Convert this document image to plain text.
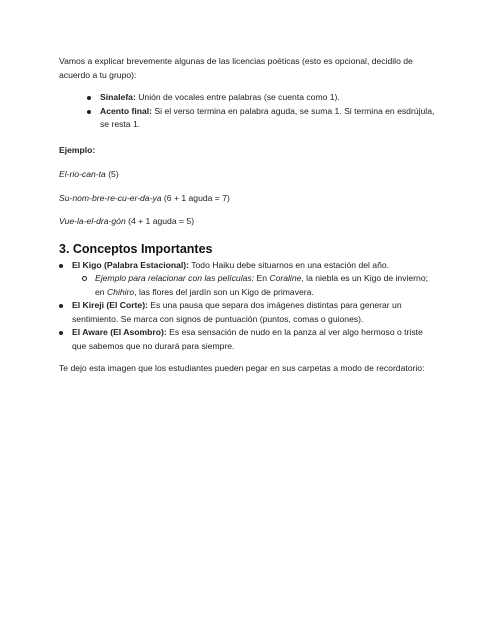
Vamos a explicar brevemente algunas de las licencias poéticas (esto es opcional, decidilo de acuerdo a tu grupo):

Sinalefa: Unión de vocales entre palabras (se cuenta como 1).
Acento final: Si el verso termina en palabra aguda, se suma 1. Si termina en esdrújula, se resta 1.

Ejemplo:

El-rio-can-ta (5)

Su-nom-bre-re-cu-er-da-ya (6 + 1 aguda = 7)

Vue-la-el-dra-gón (4 + 1 aguda = 5)

3. Conceptos Importantes
El Kigo (Palabra Estacional): Todo Haiku debe situarnos en una estación del año.
Ejemplo para relacionar con las películas: En Coraline, la niebla es un Kigo de invierno; en Chihiro, las flores del jardín son un Kigo de primavera.
El Kireji (El Corte): Es una pausa que separa dos imágenes distintas para generar un sentimiento. Se marca con signos de puntuación (puntos, comas o guiones).
El Aware (El Asombro): Es esa sensación de nudo en la panza al ver algo hermoso o triste que sabemos que no durará para siempre.

Te dejo esta imagen que los estudiantes pueden pegar en sus carpetas a modo de recordatorio:
